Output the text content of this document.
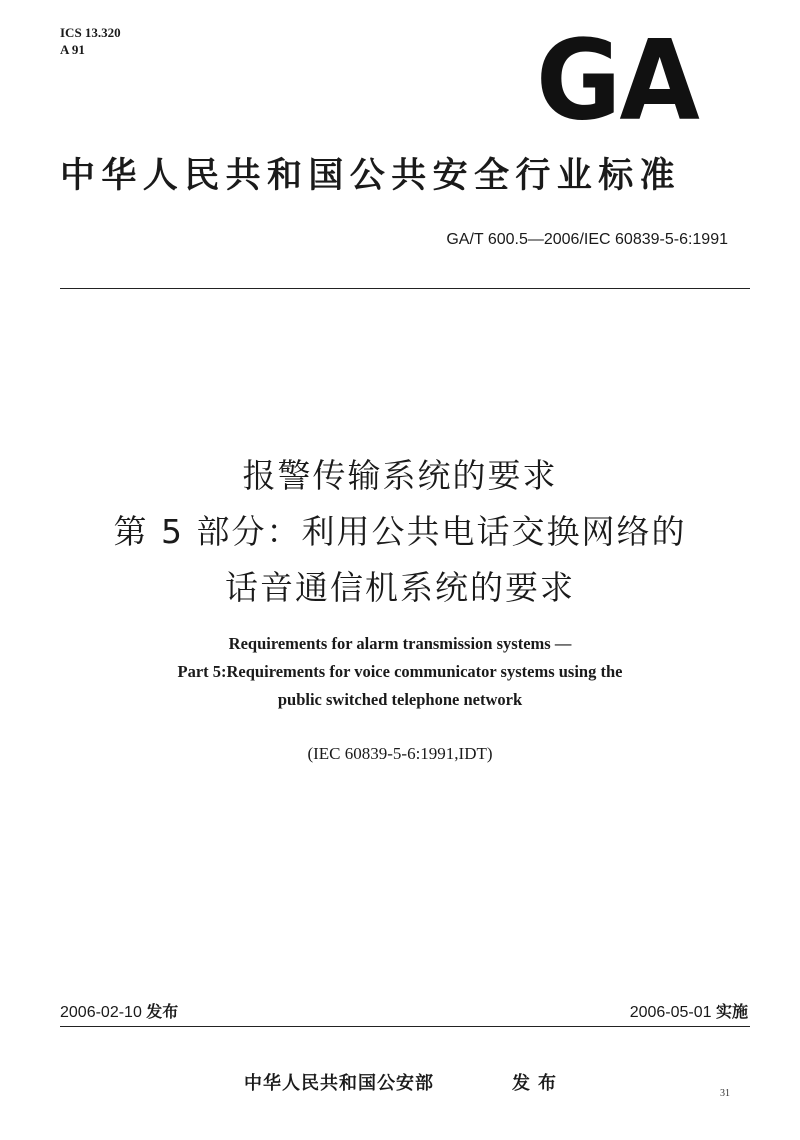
ICS 13.320
A 91	GA
中华人民共和国公共安全行业标准
GA/T 600.5—2006/IEC 60839-5-6:1991
报警传输系统的要求
第 5 部分：利用公共电话交换网络的
话音通信机系统的要求
Requirements for alarm transmission systems —
Part 5:Requirements for voice communicator systems using the
public switched telephone network
(IEC 60839-5-6:1991,IDT)
2006-02-10 发布	2006-05-01 实施
中华人民共和国公安部	发布	31
